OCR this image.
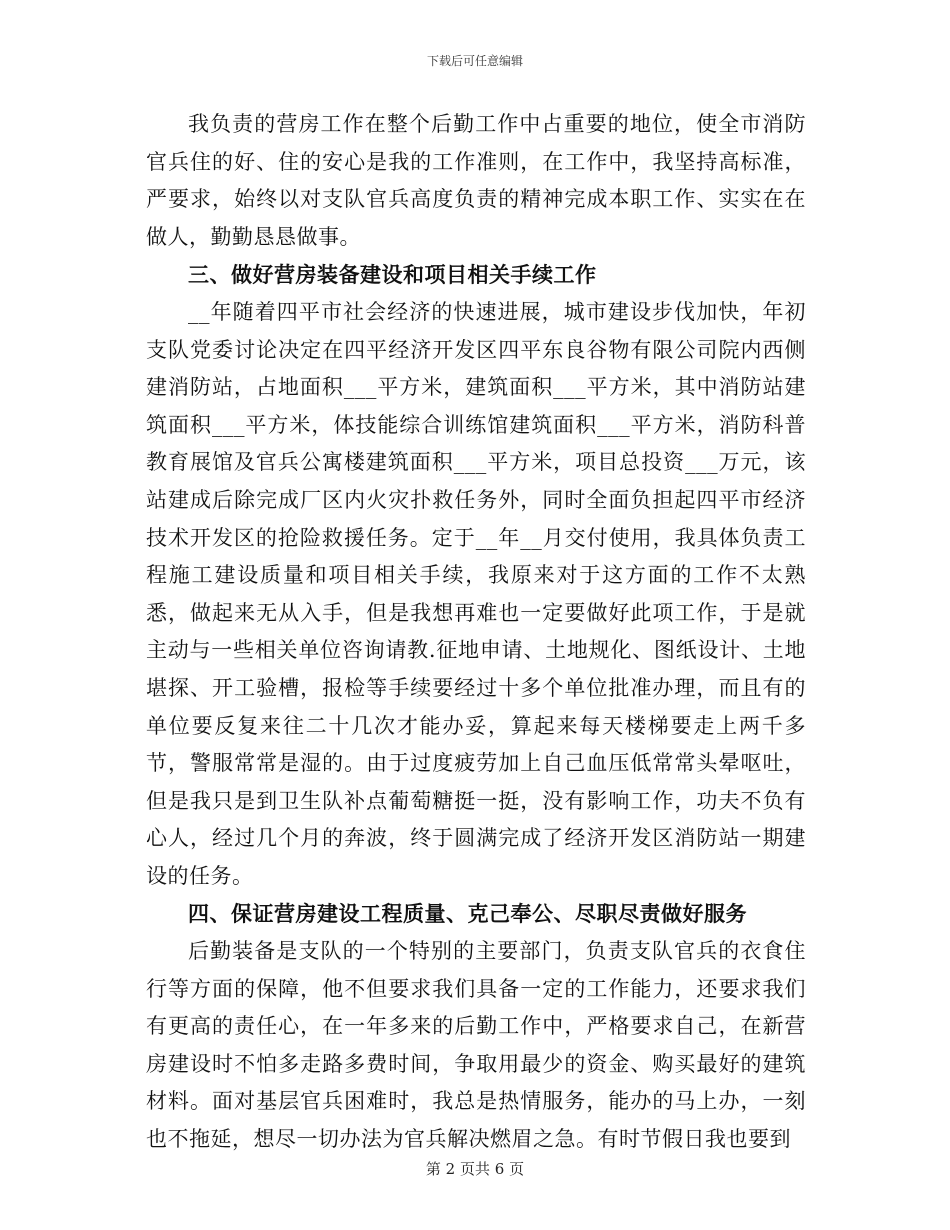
下载后可任意编辑

我负责的营房工作在整个后勤工作中占重要的地位，使全市消防官兵住的好、住的安心是我的工作准则，在工作中，我坚持高标准，严要求，始终以对支队官兵高度负责的精神完成本职工作、实实在在做人，勤勤恳恳做事。

三、做好营房装备建设和项目相关手续工作

__年随着四平市社会经济的快速进展，城市建设步伐加快，年初支队党委讨论决定在四平经济开发区四平东良谷物有限公司院内西侧建消防站，占地面积___平方米，建筑面积___平方米，其中消防站建筑面积___平方米，体技能综合训练馆建筑面积___平方米，消防科普教育展馆及官兵公寓楼建筑面积___平方米，项目总投资___万元，该站建成后除完成厂区内火灾扑救任务外，同时全面负担起四平市经济技术开发区的抢险救援任务。定于__年__月交付使用，我具体负责工程施工建设质量和项目相关手续，我原来对于这方面的工作不太熟悉，做起来无从入手，但是我想再难也一定要做好此项工作，于是就主动与一些相关单位咨询请教.征地申请、土地规化、图纸设计、土地堪探、开工验槽，报检等手续要经过十多个单位批准办理，而且有的单位要反复来往二十几次才能办妥，算起来每天楼梯要走上两千多节，警服常常是湿的。由于过度疲劳加上自己血压低常常头晕呕吐，但是我只是到卫生队补点葡萄糖挺一挺，没有影响工作，功夫不负有心人，经过几个月的奔波，终于圆满完成了经济开发区消防站一期建设的任务。

四、保证营房建设工程质量、克己奉公、尽职尽责做好服务

后勤装备是支队的一个特别的主要部门，负责支队官兵的衣食住行等方面的保障，他不但要求我们具备一定的工作能力，还要求我们有更高的责任心，在一年多来的后勤工作中，严格要求自己，在新营房建设时不怕多走路多费时间，争取用最少的资金、购买最好的建筑材料。面对基层官兵困难时，我总是热情服务，能办的马上办，一刻也不拖延，想尽一切办法为官兵解决燃眉之急。有时节假日我也要到

第 2 页共 6 页
